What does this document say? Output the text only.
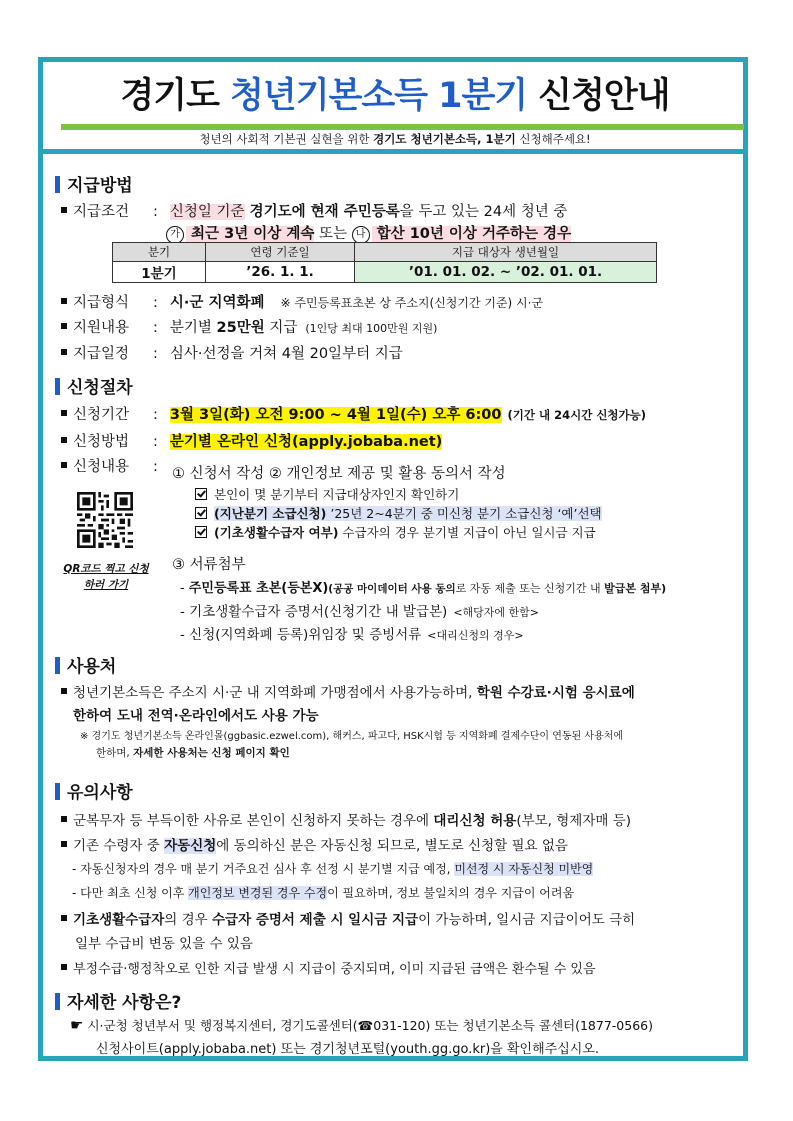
경기도 청년기본소득 1분기 신청안내
청년의 사회적 기본권 실현을 위한 경기도 청년기본소득, 1분기 신청해주세요!
지급방법
지급조건 : 신청일 기준 경기도에 현재 주민등록을 두고 있는 24세 청년 중
가 최근 3년 이상 계속 또는 나 합산 10년 이상 거주하는 경우
분기	연령 기준일	지급 대상자 생년월일
1분기	’26. 1. 1.	’01. 01. 02. ~ ’02. 01. 01.
지급형식 : 시·군 지역화폐 ※ 주민등록표초본 상 주소지(신청기간 기준) 시·군
지원내용 : 분기별 25만원 지급 (1인당 최대 100만원 지원)
지급일정 : 심사·선정을 거쳐 4월 20일부터 지급
신청절차
신청기간 : 3월 3일(화) 오전 9:00 ~ 4월 1일(수) 오후 6:00 (기간 내 24시간 신청가능)
신청방법 : 분기별 온라인 신청(apply.jobaba.net)
신청내용 : ① 신청서 작성 ② 개인정보 제공 및 활용 동의서 작성
본인이 몇 분기부터 지급대상자인지 확인하기
(지난분기 소급신청) ’25년 2~4분기 중 미신청 분기 소급신청 ‘예’선택
(기초생활수급자 여부) 수급자의 경우 분기별 지급이 아닌 일시금 지급
QR코드 찍고 신청하러 가기
③ 서류첨부
- 주민등록표 초본(등본X)(공공 마이데이터 사용 동의로 자동 제출 또는 신청기간 내 발급본 첨부)
- 기초생활수급자 증명서(신청기간 내 발급본) <해당자에 한함>
- 신청(지역화폐 등록)위임장 및 증빙서류 <대리신청의 경우>
사용처
청년기본소득은 주소지 시·군 내 지역화폐 가맹점에서 사용가능하며, 학원 수강료·시험 응시료에
한하여 도내 전역·온라인에서도 사용 가능
※ 경기도 청년기본소득 온라인몰(ggbasic.ezwel.com), 해커스, 파고다, HSK시험 등 지역화폐 결제수단이 연동된 사용처에
한하며, 자세한 사용처는 신청 페이지 확인
유의사항
군복무자 등 부득이한 사유로 본인이 신청하지 못하는 경우에 대리신청 허용(부모, 형제자매 등)
기존 수령자 중 자동신청에 동의하신 분은 자동신청 되므로, 별도로 신청할 필요 없음
- 자동신청자의 경우 매 분기 거주요건 심사 후 선정 시 분기별 지급 예정, 미선정 시 자동신청 미반영
- 다만 최초 신청 이후 개인정보 변경된 경우 수정이 필요하며, 정보 불일치의 경우 지급이 어려움
기초생활수급자의 경우 수급자 증명서 제출 시 일시금 지급이 가능하며, 일시금 지급이어도 극히
일부 수급비 변동 있을 수 있음
부정수급·행정착오로 인한 지급 발생 시 지급이 중지되며, 이미 지급된 금액은 환수될 수 있음
자세한 사항은?
☛ 시·군청 청년부서 및 행정복지센터, 경기도콜센터(☎031-120) 또는 청년기본소득 콜센터(1877-0566)
신청사이트(apply.jobaba.net) 또는 경기청년포털(youth.gg.go.kr)을 확인해주십시오.
